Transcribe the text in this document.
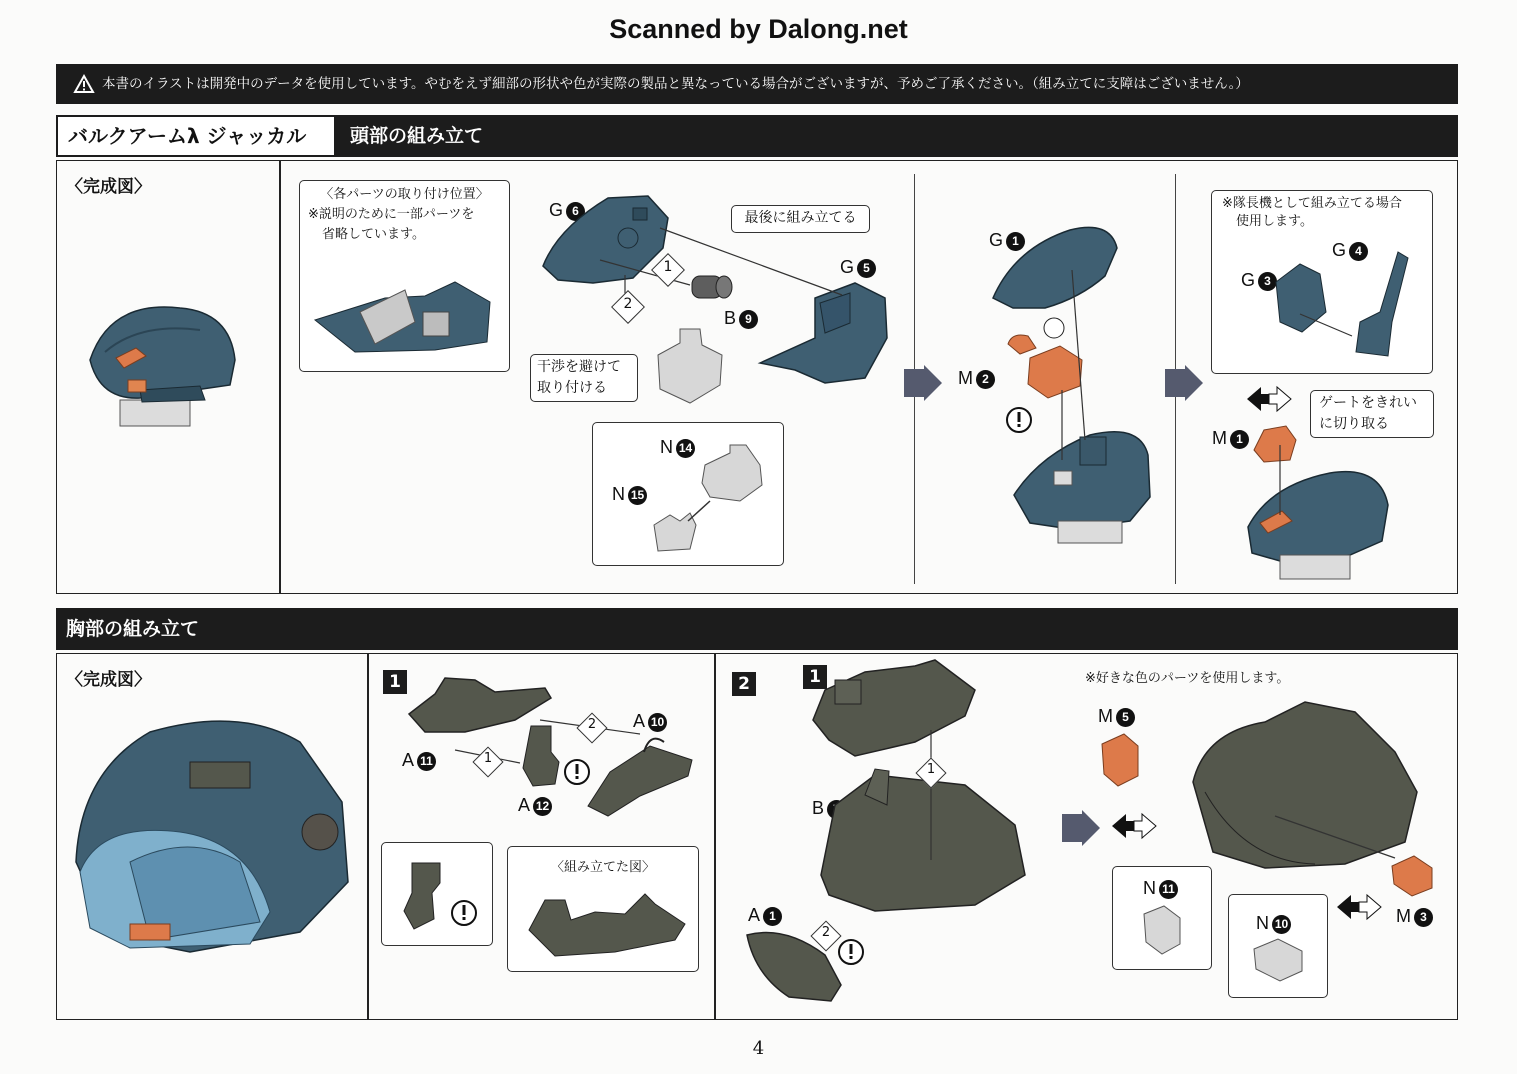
Scanned by Dalong.net
本書のイラストは開発中のデータを使用しています。やむをえず細部の形状や色が実際の製品と異なっている場合がございますが、予めご了承ください。（組み立てに支障はございません。）
バルクアームλ ジャッカル	頭部の組み立て
〈完成図〉	〈各パーツの取り付け位置〉
※説明のために一部パーツを
省略しています。
G 6	最後に組み立てる
G 5
1
2
B 9
干渉を避けて
取り付ける
N 14
N 15
G 1
M 2
※隊長機として組み立てる場合
使用します。
G 4
G 3
ゲートをきれい
に切り取る
M 1
胸部の組み立て
〈完成図〉	1
A 10
A 11
A 12
2
1
〈組み立てた図〉
2	1
B
1
A 1
2
※好きな色のパーツを使用します。
M 5
N 11
M 3
N 10
4
